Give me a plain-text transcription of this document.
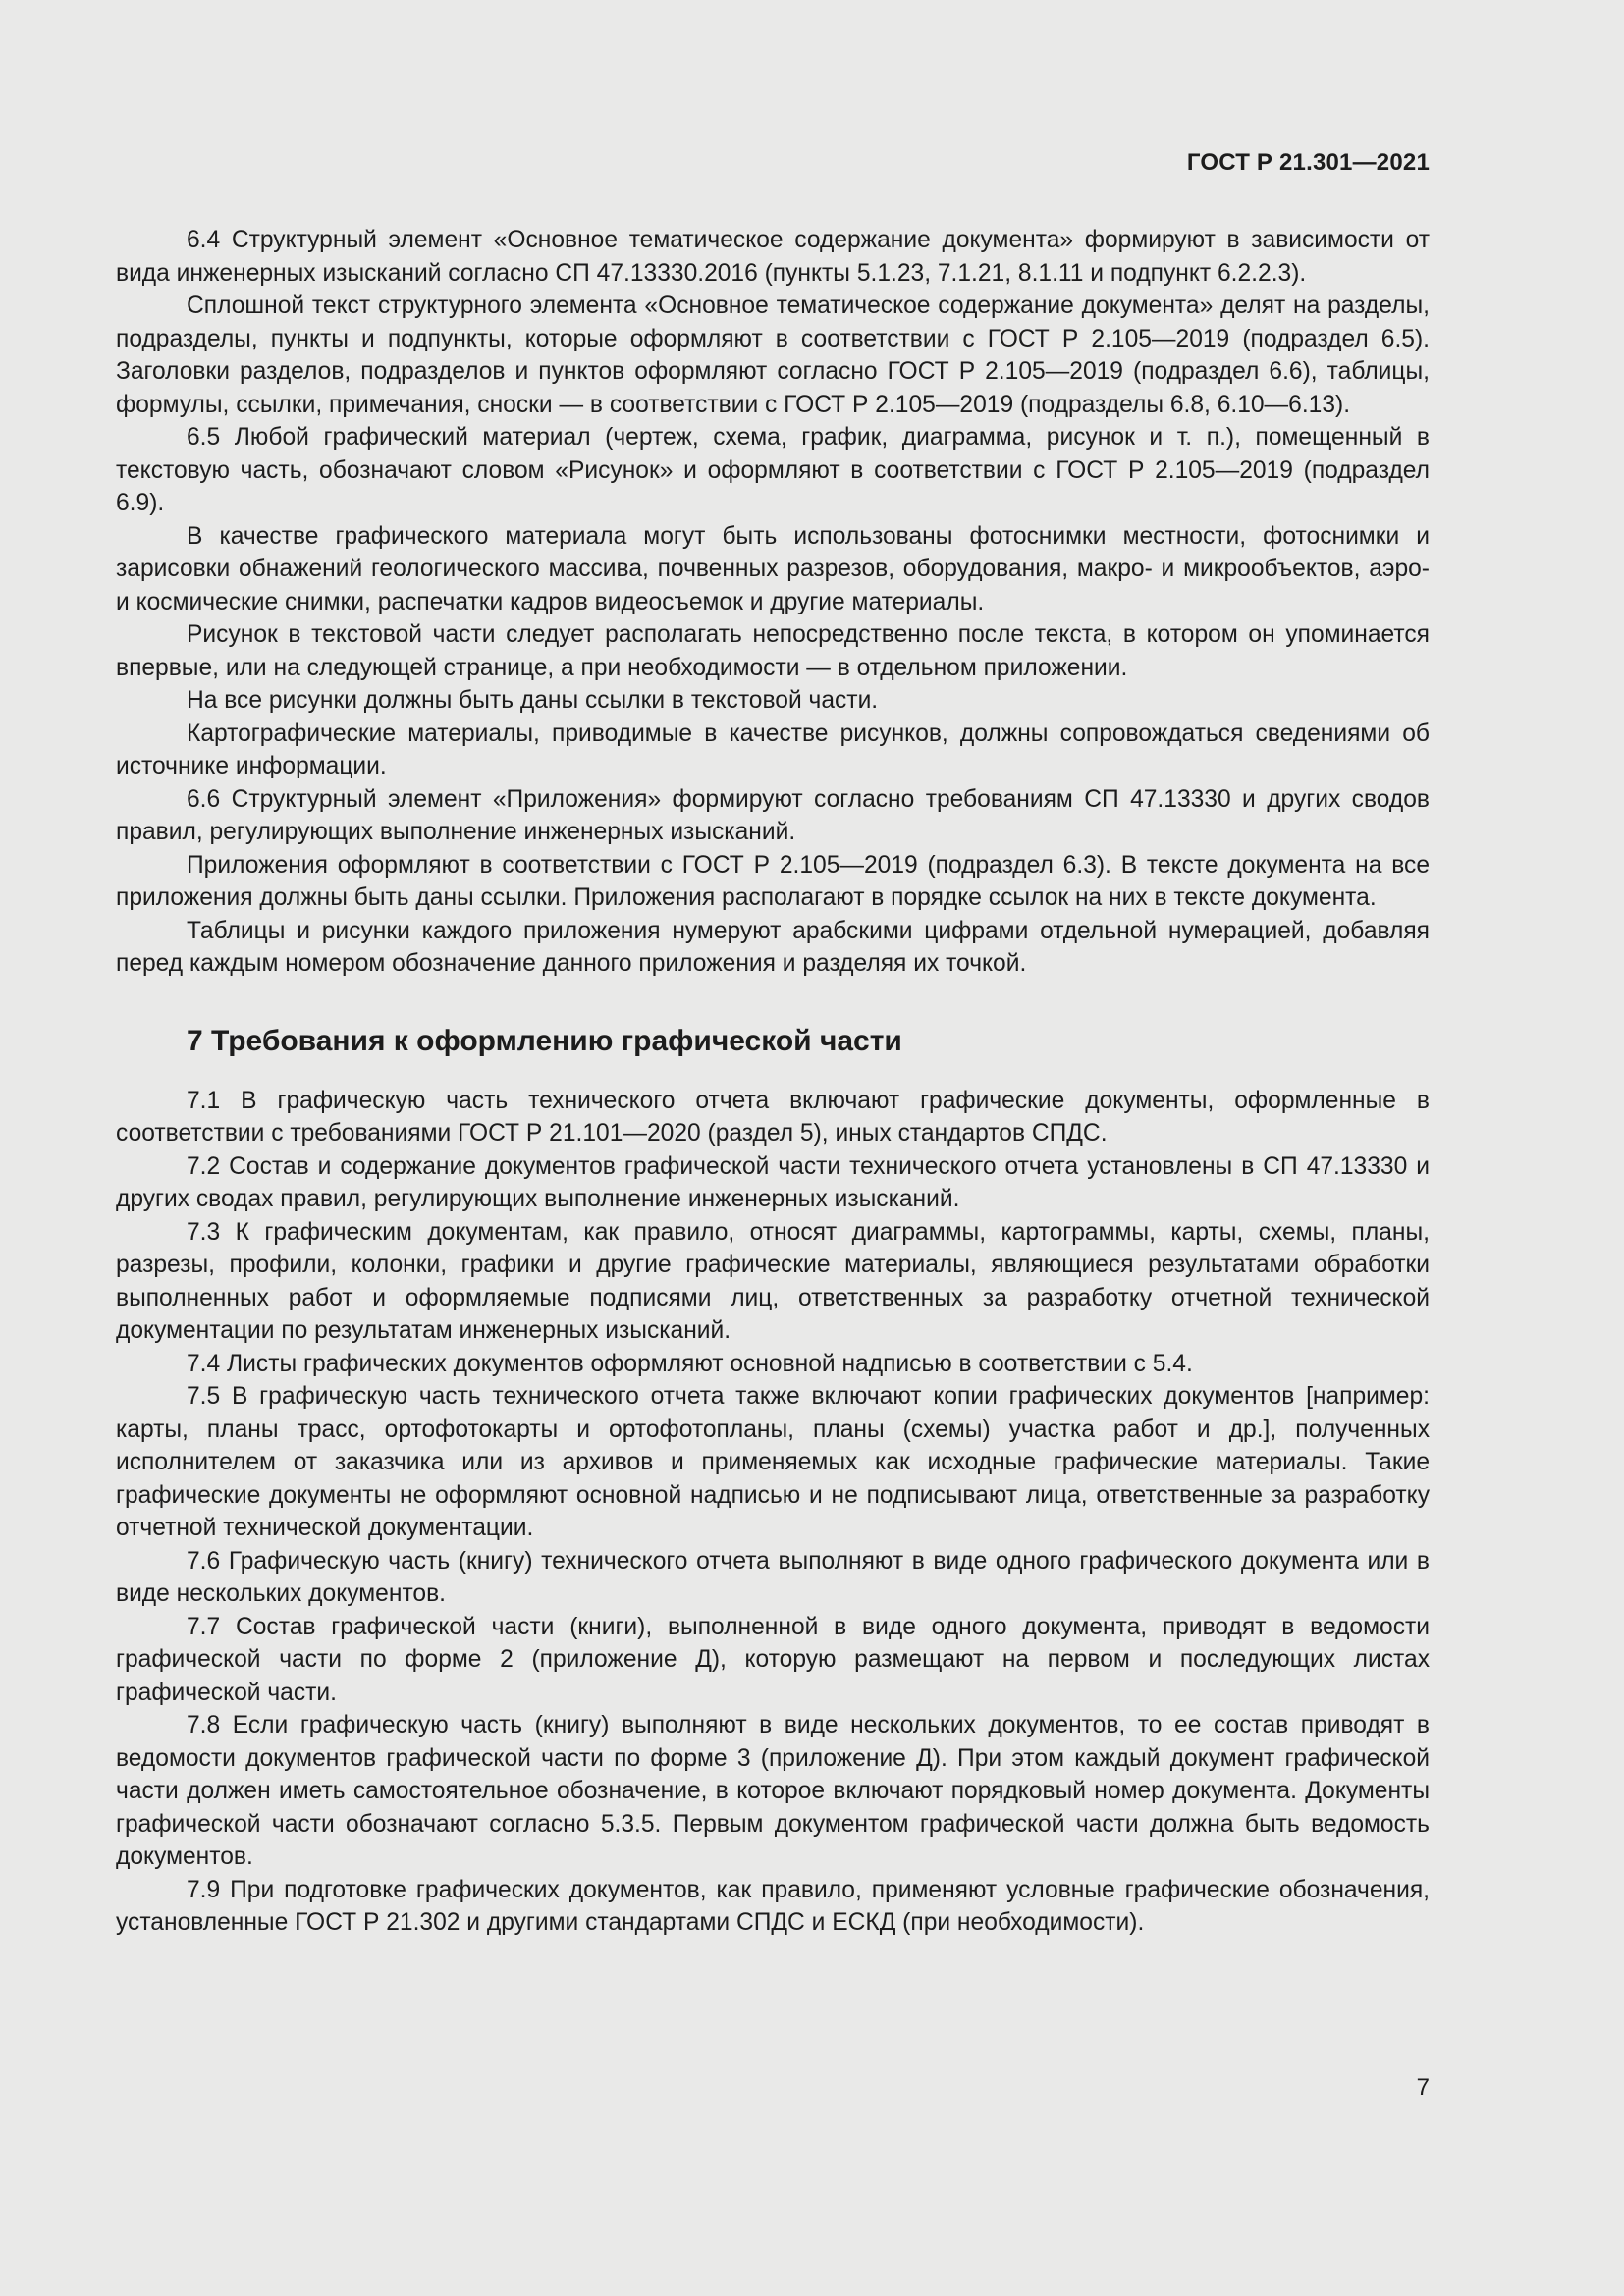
ГОСТ Р 21.301—2021

6.4 Структурный элемент «Основное тематическое содержание документа» формируют в зависимости от вида инженерных изысканий согласно СП 47.13330.2016 (пункты 5.1.23, 7.1.21, 8.1.11 и подпункт 6.2.2.3).

Сплошной текст структурного элемента «Основное тематическое содержание документа» делят на разделы, подразделы, пункты и подпункты, которые оформляют в соответствии с ГОСТ Р 2.105—2019 (подраздел 6.5). Заголовки разделов, подразделов и пунктов оформляют согласно ГОСТ Р 2.105—2019 (подраздел 6.6), таблицы, формулы, ссылки, примечания, сноски — в соответствии с ГОСТ Р 2.105—2019 (подразделы 6.8, 6.10—6.13).

6.5 Любой графический материал (чертеж, схема, график, диаграмма, рисунок и т. п.), помещенный в текстовую часть, обозначают словом «Рисунок» и оформляют в соответствии с ГОСТ Р 2.105—2019 (подраздел 6.9).

В качестве графического материала могут быть использованы фотоснимки местности, фотоснимки и зарисовки обнажений геологического массива, почвенных разрезов, оборудования, макро- и микрообъектов, аэро- и космические снимки, распечатки кадров видеосъемок и другие материалы.

Рисунок в текстовой части следует располагать непосредственно после текста, в котором он упоминается впервые, или на следующей странице, а при необходимости — в отдельном приложении.

На все рисунки должны быть даны ссылки в текстовой части.

Картографические материалы, приводимые в качестве рисунков, должны сопровождаться сведениями об источнике информации.

6.6 Структурный элемент «Приложения» формируют согласно требованиям СП 47.13330 и других сводов правил, регулирующих выполнение инженерных изысканий.

Приложения оформляют в соответствии с ГОСТ Р 2.105—2019 (подраздел 6.3). В тексте документа на все приложения должны быть даны ссылки. Приложения располагают в порядке ссылок на них в тексте документа.

Таблицы и рисунки каждого приложения нумеруют арабскими цифрами отдельной нумерацией, добавляя перед каждым номером обозначение данного приложения и разделяя их точкой.

7 Требования к оформлению графической части

7.1 В графическую часть технического отчета включают графические документы, оформленные в соответствии с требованиями ГОСТ Р 21.101—2020 (раздел 5), иных стандартов СПДС.

7.2 Состав и содержание документов графической части технического отчета установлены в СП 47.13330 и других сводах правил, регулирующих выполнение инженерных изысканий.

7.3 К графическим документам, как правило, относят диаграммы, картограммы, карты, схемы, планы, разрезы, профили, колонки, графики и другие графические материалы, являющиеся результатами обработки выполненных работ и оформляемые подписями лиц, ответственных за разработку отчетной технической документации по результатам инженерных изысканий.

7.4 Листы графических документов оформляют основной надписью в соответствии с 5.4.

7.5 В графическую часть технического отчета также включают копии графических документов [например: карты, планы трасс, ортофотокарты и ортофотопланы, планы (схемы) участка работ и др.], полученных исполнителем от заказчика или из архивов и применяемых как исходные графические материалы. Такие графические документы не оформляют основной надписью и не подписывают лица, ответственные за разработку отчетной технической документации.

7.6 Графическую часть (книгу) технического отчета выполняют в виде одного графического документа или в виде нескольких документов.

7.7 Состав графической части (книги), выполненной в виде одного документа, приводят в ведомости графической части по форме 2 (приложение Д), которую размещают на первом и последующих листах графической части.

7.8 Если графическую часть (книгу) выполняют в виде нескольких документов, то ее состав приводят в ведомости документов графической части по форме 3 (приложение Д). При этом каждый документ графической части должен иметь самостоятельное обозначение, в которое включают порядковый номер документа. Документы графической части обозначают согласно 5.3.5. Первым документом графической части должна быть ведомость документов.

7.9 При подготовке графических документов, как правило, применяют условные графические обозначения, установленные ГОСТ Р 21.302 и другими стандартами СПДС и ЕСКД (при необходимости).

7
